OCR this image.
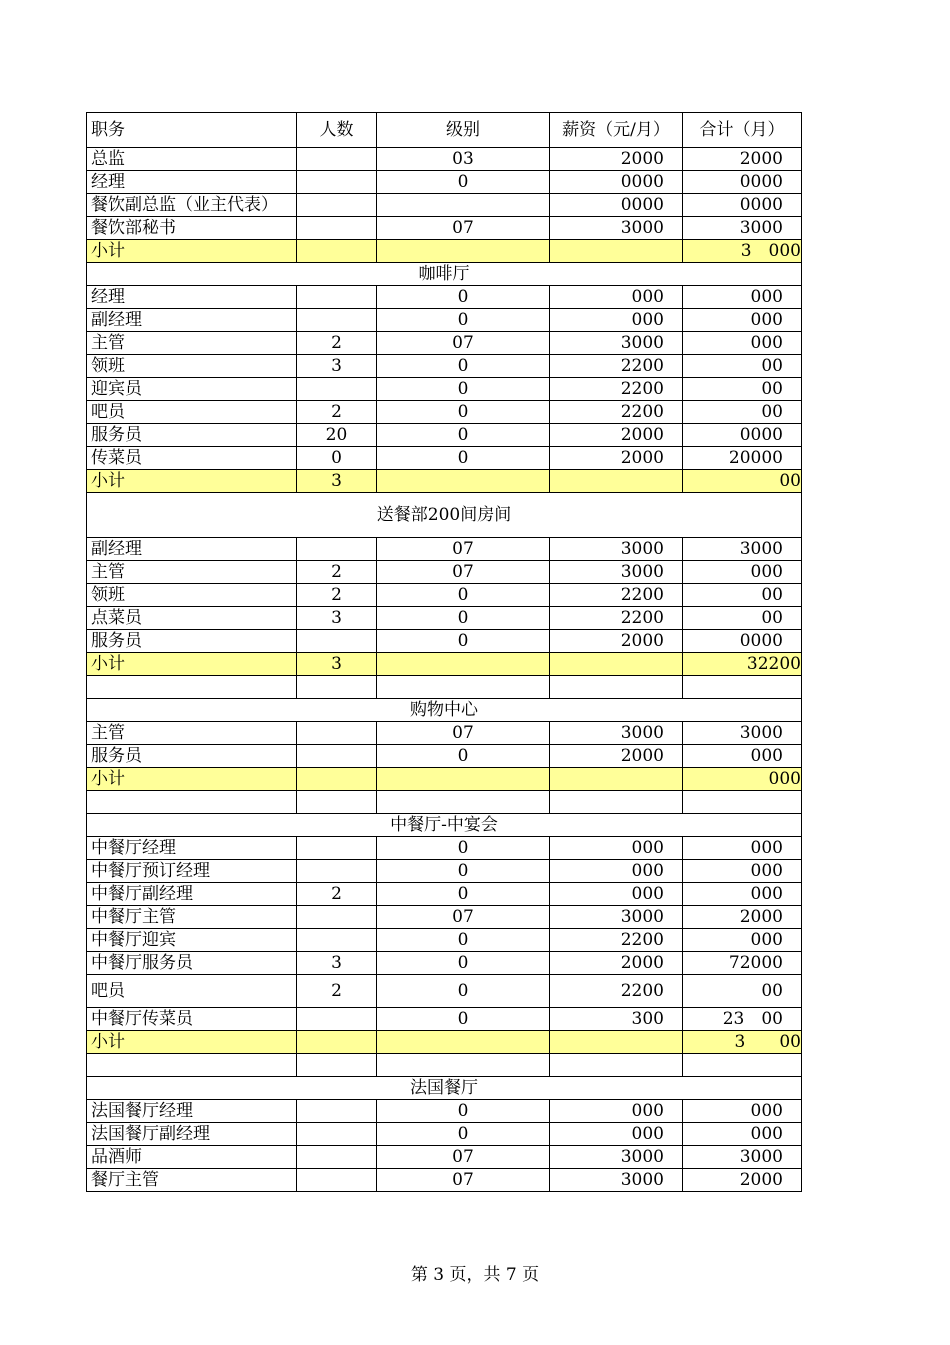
职务	人数	级别	薪资（元/月）	合计（月）
总监		03	2000	2000
经理		0	0000	0000
餐饮副总监（业主代表）			0000	0000
餐饮部秘书		07	3000	3000
小计				3　000
咖啡厅				
经理		0	000	000
副经理		0	000	000
主管	2	07	3000	000
领班	3	0	2200	00
迎宾员		0	2200	00
吧员	2	0	2200	00
服务员	20	0	2000	0000
传菜员	0	0	2000	20000
小计	3			00
送餐部200间房间				
副经理		07	3000	3000
主管	2	07	3000	000
领班	2	0	2200	00
点菜员	3	0	2200	00
服务员		0	2000	0000
小计	3			32200

购物中心				
主管		07	3000	3000
服务员		0	2000	000
小计				000

中餐厅-中宴会				
中餐厅经理		0	000	000
中餐厅预订经理		0	000	000
中餐厅副经理	2	0	000	000
中餐厅主管		07	3000	2000
中餐厅迎宾		0	2200	000
中餐厅服务员	3	0	2000	72000
吧员	2	0	2200	00
中餐厅传菜员		0	300	23　00
小计				3　　00

法国餐厅				
法国餐厅经理		0	000	000
法国餐厅副经理		0	000	000
品酒师		07	3000	3000
餐厅主管		07	3000	2000
第 3 页，共 7 页
